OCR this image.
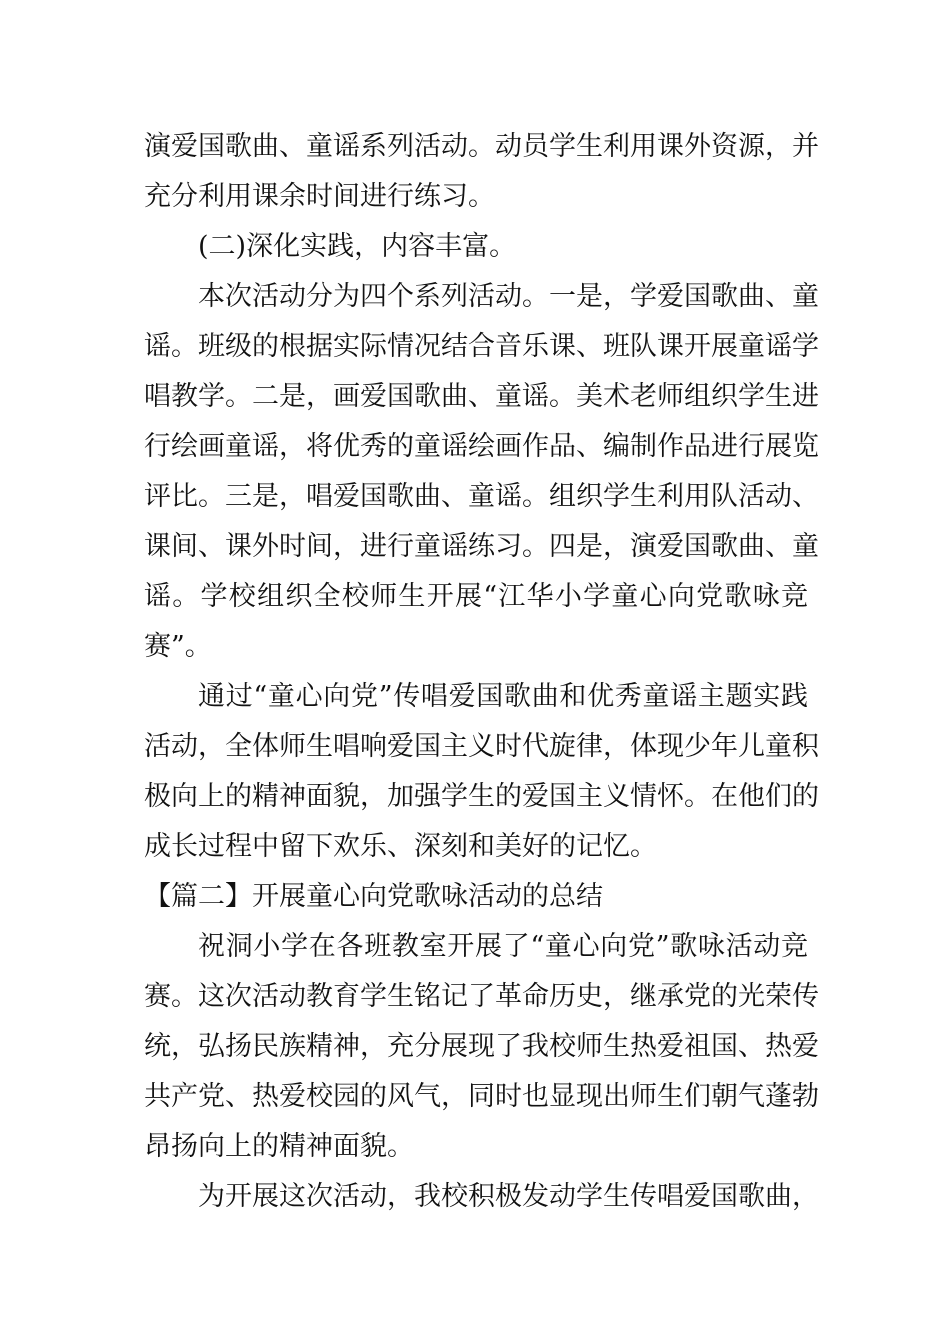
演爱国歌曲、童谣系列活动。动员学生利用课外资源，并
充分利用课余时间进行练习。
(二)深化实践，内容丰富。
本次活动分为四个系列活动。一是，学爱国歌曲、童
谣。班级的根据实际情况结合音乐课、班队课开展童谣学
唱教学。二是，画爱国歌曲、童谣。美术老师组织学生进
行绘画童谣，将优秀的童谣绘画作品、编制作品进行展览
评比。三是，唱爱国歌曲、童谣。组织学生利用队活动、
课间、课外时间，进行童谣练习。四是，演爱国歌曲、童
谣。学校组织全校师生开展“江华小学童心向党歌咏竞
赛”。
通过“童心向党”传唱爱国歌曲和优秀童谣主题实践
活动，全体师生唱响爱国主义时代旋律，体现少年儿童积
极向上的精神面貌，加强学生的爱国主义情怀。在他们的
成长过程中留下欢乐、深刻和美好的记忆。
【篇二】开展童心向党歌咏活动的总结
祝洞小学在各班教室开展了“童心向党”歌咏活动竞
赛。这次活动教育学生铭记了革命历史，继承党的光荣传
统，弘扬民族精神，充分展现了我校师生热爱祖国、热爱
共产党、热爱校园的风气，同时也显现出师生们朝气蓬勃
昂扬向上的精神面貌。
为开展这次活动，我校积极发动学生传唱爱国歌曲，
